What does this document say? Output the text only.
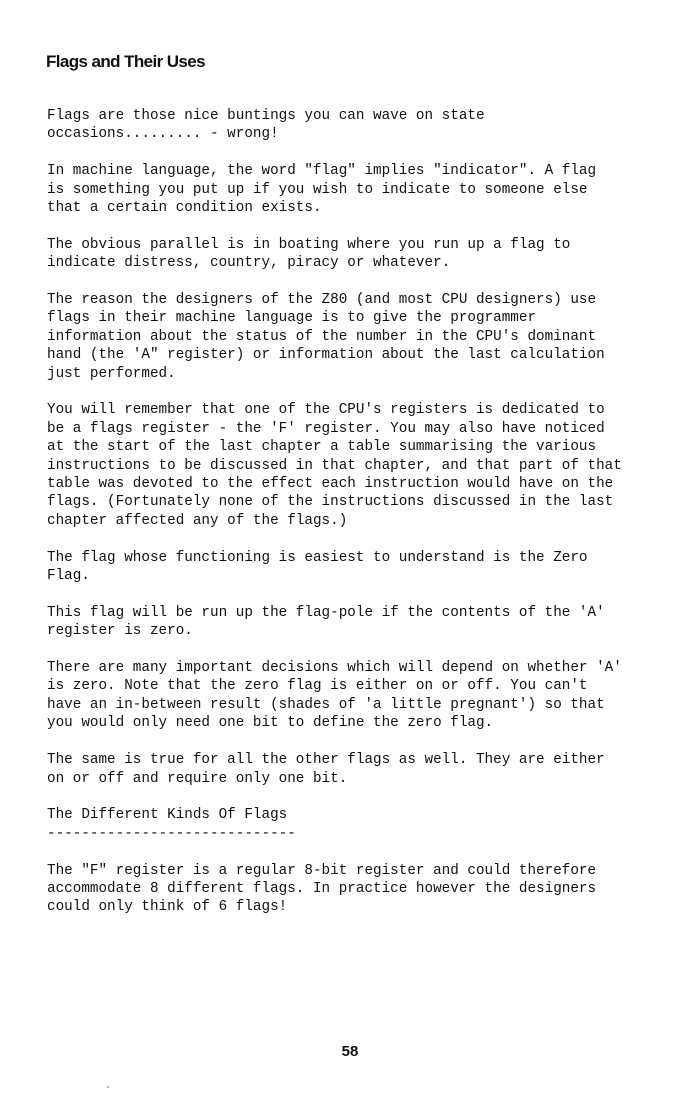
Flags and Their Uses

Flags are those nice buntings you can wave on state
occasions......... - wrong!

In machine language, the word "flag" implies "indicator". A flag
is something you put up if you wish to indicate to someone else
that a certain condition exists.

The obvious parallel is in boating where you run up a flag to
indicate distress, country, piracy or whatever.

The reason the designers of the Z80 (and most CPU designers) use
flags in their machine language is to give the programmer
information about the status of the number in the CPU's dominant
hand (the 'A" register) or information about the last calculation
just performed.

You will remember that one of the CPU's registers is dedicated to
be a flags register - the 'F' register. You may also have noticed
at the start of the last chapter a table summarising the various
instructions to be discussed in that chapter, and that part of that
table was devoted to the effect each instruction would have on the
flags. (Fortunately none of the instructions discussed in the last
chapter affected any of the flags.)

The flag whose functioning is easiest to understand is the Zero
Flag.

This flag will be run up the flag-pole if the contents of the 'A'
register is zero.

There are many important decisions which will depend on whether 'A'
is zero. Note that the zero flag is either on or off. You can't
have an in-between result (shades of 'a little pregnant') so that
you would only need one bit to define the zero flag.

The same is true for all the other flags as well. They are either
on or off and require only one bit.

The Different Kinds Of Flags
-----------------------------

The "F" register is a regular 8-bit register and could therefore
accommodate 8 different flags. In practice however the designers
could only think of 6 flags!

58
